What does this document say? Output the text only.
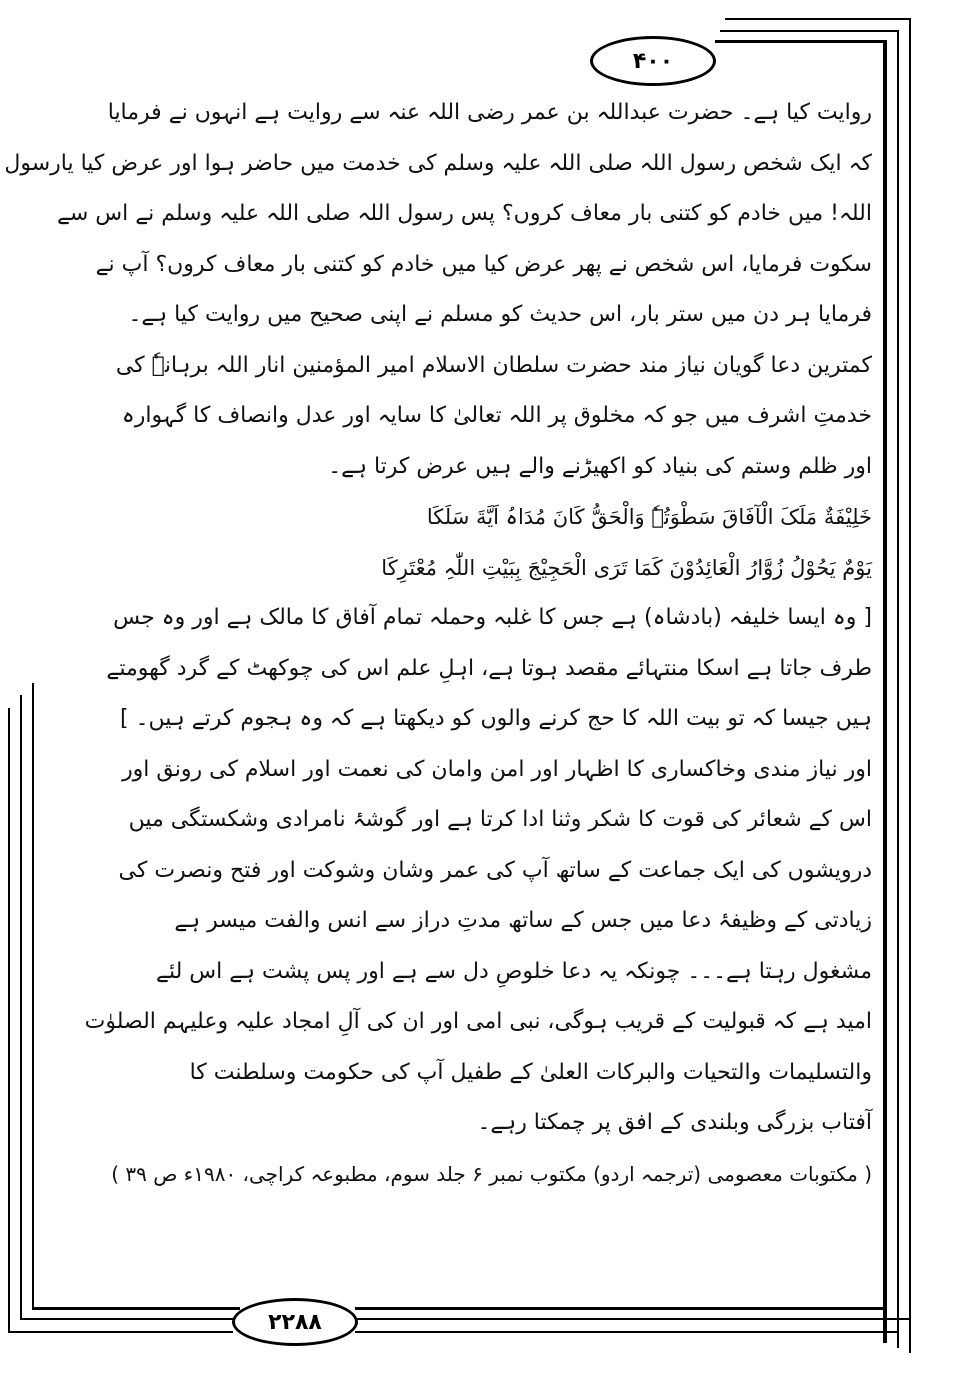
۴۰۰
۲۲۸۸
روایت کیا ہے۔ حضرت عبداللہ بن عمر رضی اللہ عنہ سے روایت ہے انہوں نے فرمایا
کہ ایک شخص رسول اللہ صلی اللہ علیہ وسلم کی خدمت میں حاضر ہوا اور عرض کیا یارسول
اللہ! میں خادم کو کتنی بار معاف کروں؟ پس رسول اللہ صلی اللہ علیہ وسلم نے اس سے
سکوت فرمایا، اس شخص نے پھر عرض کیا میں خادم کو کتنی بار معاف کروں؟ آپ نے
فرمایا ہر دن میں ستر بار، اس حدیث کو مسلم نے اپنی صحیح میں روایت کیا ہے۔
کمترین دعا گویان نیاز مند حضرت سلطان الاسلام امیر المؤمنین انار اللہ برہانہٗ کی
خدمتِ اشرف میں جو کہ مخلوق پر اللہ تعالیٰ کا سایہ اور عدل وانصاف کا گہوارہ
اور ظلم وستم کی بنیاد کو اکھیڑنے والے ہیں عرض کرتا ہے۔
خَلِیْفَةٌ مَلَکَ الْآفَاقَ سَطْوَتُہٗ وَالْحَقُّ کَانَ مُدَاہُ اَیَّةَ سَلَکَا
یَوْمٌ یَحُوْلُ زُوَّارُ الْعَائِدُوْنَ کَمَا تَرَی الْحَجِیْجَ بِبَیْتِ اللّٰہِ مُعْتَرِکَا
[ وہ ایسا خلیفہ (بادشاہ) ہے جس کا غلبہ وحملہ تمام آفاق کا مالک ہے اور وہ جس
طرف جاتا ہے اسکا منتہائے مقصد ہوتا ہے، اہلِ علم اس کی چوکھٹ کے گرد گھومتے
ہیں جیسا کہ تو بیت اللہ کا حج کرنے والوں کو دیکھتا ہے کہ وہ ہجوم کرتے ہیں۔ ]
اور نیاز مندی وخاکساری کا اظہار اور امن وامان کی نعمت اور اسلام کی رونق اور
اس کے شعائر کی قوت کا شکر وثنا ادا کرتا ہے اور گوشۂ نامرادی وشکستگی میں
درویشوں کی ایک جماعت کے ساتھ آپ کی عمر وشان وشوکت اور فتح ونصرت کی
زیادتی کے وظیفۂ دعا میں جس کے ساتھ مدتِ دراز سے انس والفت میسر ہے
مشغول رہتا ہے۔۔۔ چونکہ یہ دعا خلوصِ دل سے ہے اور پس پشت ہے اس لئے
امید ہے کہ قبولیت کے قریب ہوگی، نبی امی اور ان کی آلِ امجاد علیہ وعلیہم الصلوٰت
والتسلیمات والتحیات والبرکات العلیٰ کے طفیل آپ کی حکومت وسلطنت کا
آفتاب بزرگی وبلندی کے افق پر چمکتا رہے۔
( مکتوبات معصومی (ترجمہ اردو) مکتوب نمبر ۶ جلد سوم، مطبوعہ کراچی، ۱۹۸۰ء ص ۳۹ )
